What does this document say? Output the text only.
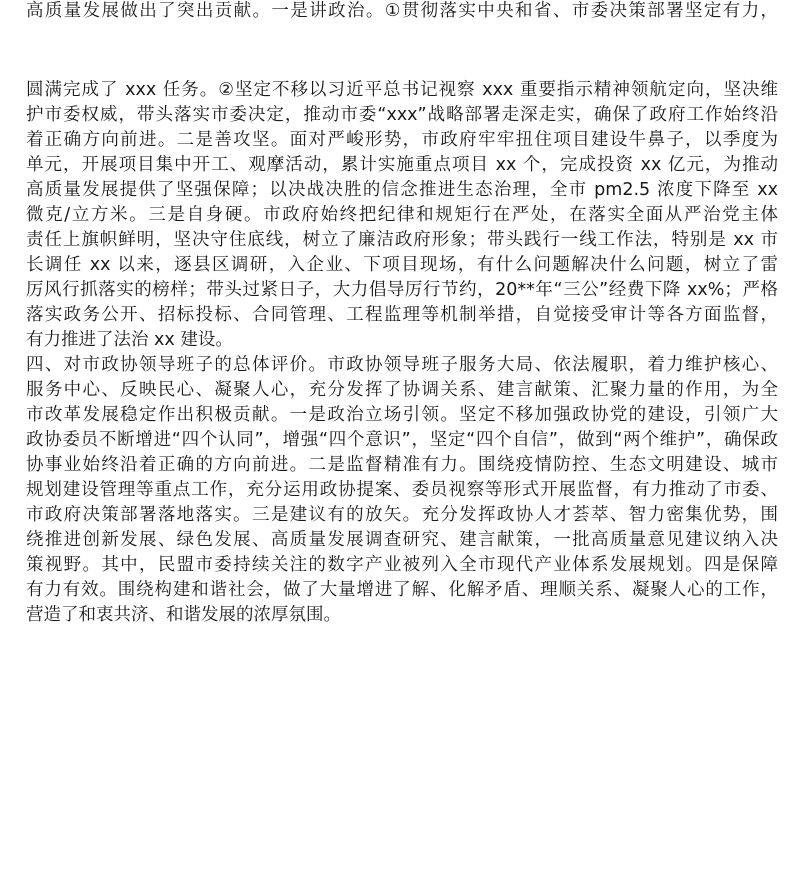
高质量发展做出了突出贡献。一是讲政治。①贯彻落实中央和省、市委决策部署坚定有力，
圆满完成了 xxx 任务。②坚定不移以习近平总书记视察 xxx 重要指示精神领航定向，坚决维
护市委权威，带头落实市委决定，推动市委“xxx”战略部署走深走实，确保了政府工作始终沿
着正确方向前进。二是善攻坚。面对严峻形势，市政府牢牢扭住项目建设牛鼻子，以季度为
单元，开展项目集中开工、观摩活动，累计实施重点项目 xx 个，完成投资 xx 亿元，为推动
高质量发展提供了坚强保障；以决战决胜的信念推进生态治理，全市 pm2.5 浓度下降至 xx
微克/立方米。三是自身硬。市政府始终把纪律和规矩行在严处，在落实全面从严治党主体
责任上旗帜鲜明，坚决守住底线，树立了廉洁政府形象；带头践行一线工作法，特别是 xx 市
长调任 xx 以来，逐县区调研，入企业、下项目现场，有什么问题解决什么问题，树立了雷
厉风行抓落实的榜样；带头过紧日子，大力倡导厉行节约，20**年“三公”经费下降 xx%；严格
落实政务公开、招标投标、合同管理、工程监理等机制举措，自觉接受审计等各方面监督，
有力推进了法治 xx 建设。
四、对市政协领导班子的总体评价。市政协领导班子服务大局、依法履职，着力维护核心、
服务中心、反映民心、凝聚人心，充分发挥了协调关系、建言献策、汇聚力量的作用，为全
市改革发展稳定作出积极贡献。一是政治立场引领。坚定不移加强政协党的建设，引领广大
政协委员不断增进“四个认同”，增强“四个意识”，坚定“四个自信”，做到“两个维护”，确保政
协事业始终沿着正确的方向前进。二是监督精准有力。围绕疫情防控、生态文明建设、城市
规划建设管理等重点工作，充分运用政协提案、委员视察等形式开展监督，有力推动了市委、
市政府决策部署落地落实。三是建议有的放矢。充分发挥政协人才荟萃、智力密集优势，围
绕推进创新发展、绿色发展、高质量发展调查研究、建言献策，一批高质量意见建议纳入决
策视野。其中，民盟市委持续关注的数字产业被列入全市现代产业体系发展规划。四是保障
有力有效。围绕构建和谐社会，做了大量增进了解、化解矛盾、理顺关系、凝聚人心的工作，
营造了和衷共济、和谐发展的浓厚氛围。
